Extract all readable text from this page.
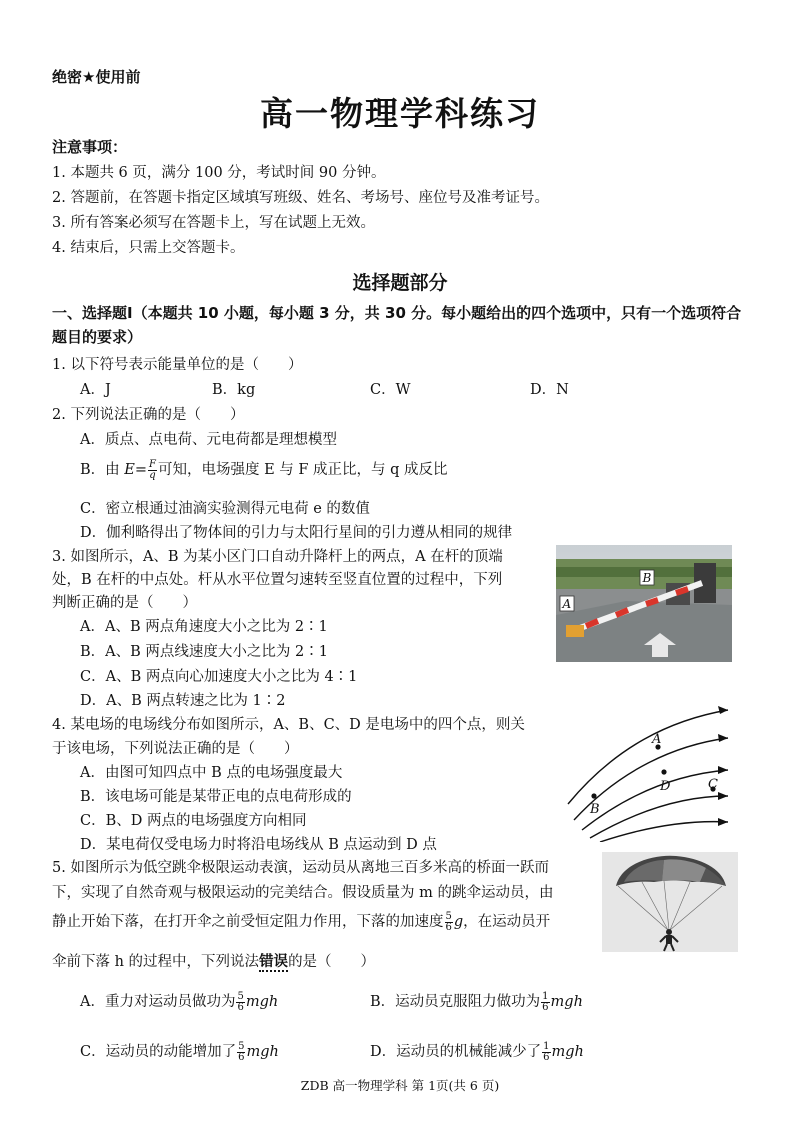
绝密★使用前
高一物理学科练习
注意事项：
1. 本题共 6 页，满分 100 分，考试时间 90 分钟。
2. 答题前，在答题卡指定区域填写班级、姓名、考场号、座位号及准考证号。
3. 所有答案必须写在答题卡上，写在试题上无效。
4. 结束后，只需上交答题卡。
选择题部分
一、选择题Ⅰ（本题共 10 小题，每小题 3 分，共 30 分。每小题给出的四个选项中，只有一个选项符合题目的要求）
1. 以下符号表示能量单位的是（　　）
A．J	B．kg	C．W	D．N
2. 下列说法正确的是（　　）
A．质点、点电荷、元电荷都是理想模型
B．由 $E= \frac{F}{q}$ 可知，电场强度 E 与 F 成正比，与 q 成反比
C．密立根通过油滴实验测得元电荷 e 的数值
D．伽利略得出了物体间的引力与太阳行星间的引力遵从相同的规律
3. 如图所示，A、B 为某小区门口自动升降杆上的两点，A 在杆的顶端
处，B 在杆的中点处。杆从水平位置匀速转至竖直位置的过程中，下列
判断正确的是（　　）
A．A、B 两点角速度大小之比为 2∶1
B．A、B 两点线速度大小之比为 2∶1
C．A、B 两点向心加速度大小之比为 4∶1
D．A、B 两点转速之比为 1∶2
B
A
4. 某电场的电场线分布如图所示，A、B、C、D 是电场中的四个点，则关
于该电场，下列说法正确的是（　　）
A．由图可知四点中 B 点的电场强度最大
B．该电场可能是某带正电的点电荷形成的
C．B、D 两点的电场强度方向相同
D．某电荷仅受电场力时将沿电场线从 B 点运动到 D 点
A
D	C
B
5. 如图所示为低空跳伞极限运动表演，运动员从离地三百多米高的桥面一跃而
下，实现了自然奇观与极限运动的完美结合。假设质量为 m 的跳伞运动员，由
静止开始下落，在打开伞之前受恒定阻力作用，下落的加速度 $\frac{5}{6}$ g，在运动员开
伞前下落 h 的过程中，下列说法错误的是（　　）
A．重力对运动员做功为 $\frac{5}{6}$ mgh	B．运动员克服阻力做功为 $\frac{1}{6}$ mgh
C．运动员的动能增加了 $\frac{5}{6}$ mgh	D．运动员的机械能减少了 $\frac{1}{6}$ mgh
ZDB 高一物理学科 第 1页(共 6 页)
